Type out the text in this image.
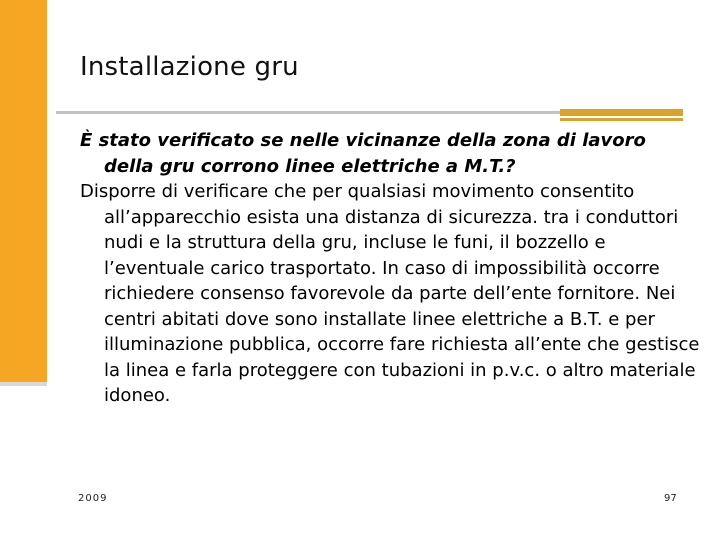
Installazione gru

È stato verificato se nelle vicinanze della zona di lavoro della gru corrono linee elettriche a M.T.?

Disporre di verificare che per qualsiasi movimento consentito all’apparecchio esista una distanza di sicurezza. tra i conduttori nudi e la struttura della gru, incluse le funi, il bozzello e l’eventuale carico trasportato. In caso di impossibilità occorre richiedere consenso favorevole da parte dell’ente fornitore. Nei centri abitati dove sono installate linee elettriche a B.T. e per illuminazione pubblica, occorre fare richiesta all’ente che gestisce la linea e farla proteggere con tubazioni in p.v.c. o altro materiale idoneo.

2009	97
